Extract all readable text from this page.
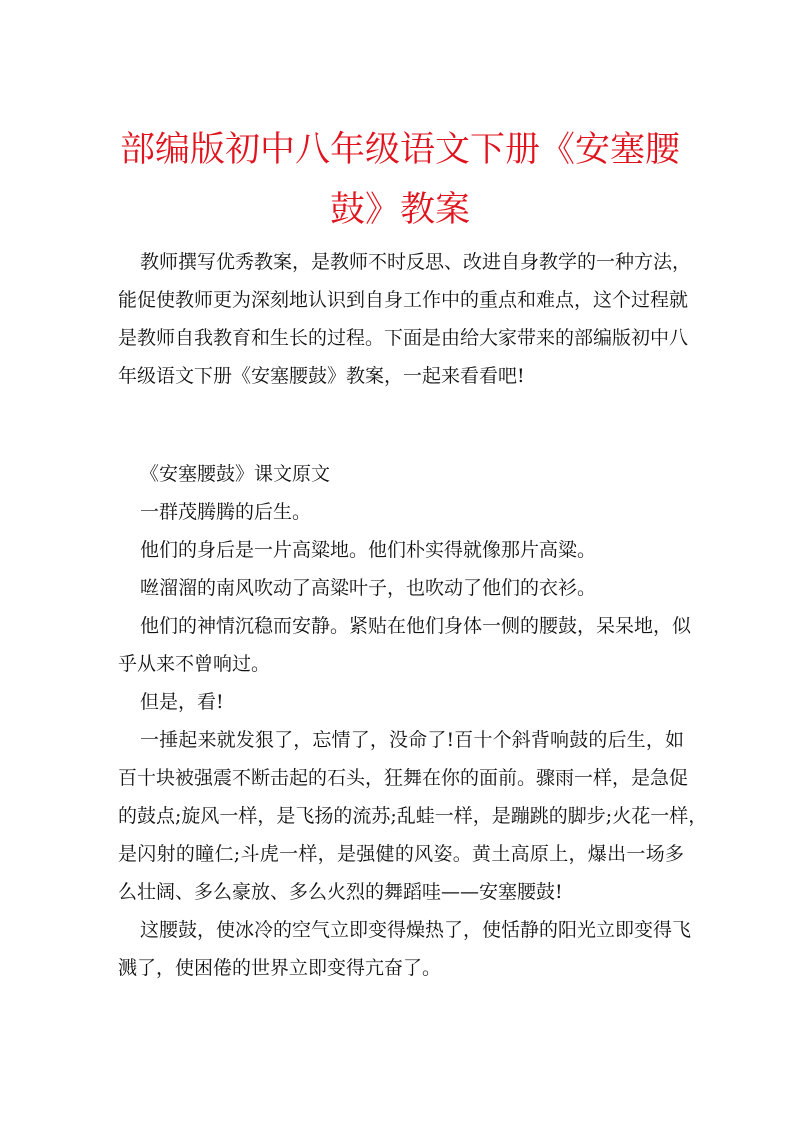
部编版初中八年级语文下册《安塞腰
鼓》教案
教师撰写优秀教案，是教师不时反思、改进自身教学的一种方法，
能促使教师更为深刻地认识到自身工作中的重点和难点，这个过程就
是教师自我教育和生长的过程。下面是由给大家带来的部编版初中八
年级语文下册《安塞腰鼓》教案，一起来看看吧!
《安塞腰鼓》课文原文
一群茂腾腾的后生。
他们的身后是一片高粱地。他们朴实得就像那片高粱。
咝溜溜的南风吹动了高粱叶子，也吹动了他们的衣衫。
他们的神情沉稳而安静。紧贴在他们身体一侧的腰鼓，呆呆地，似
乎从来不曾响过。
但是，看!
一捶起来就发狠了，忘情了，没命了!百十个斜背响鼓的后生，如
百十块被强震不断击起的石头，狂舞在你的面前。骤雨一样，是急促
的鼓点;旋风一样，是飞扬的流苏;乱蛙一样，是蹦跳的脚步;火花一样，
是闪射的瞳仁;斗虎一样，是强健的风姿。黄土高原上，爆出一场多
么壮阔、多么豪放、多么火烈的舞蹈哇——安塞腰鼓!
这腰鼓，使冰冷的空气立即变得燥热了，使恬静的阳光立即变得飞
溅了，使困倦的世界立即变得亢奋了。
